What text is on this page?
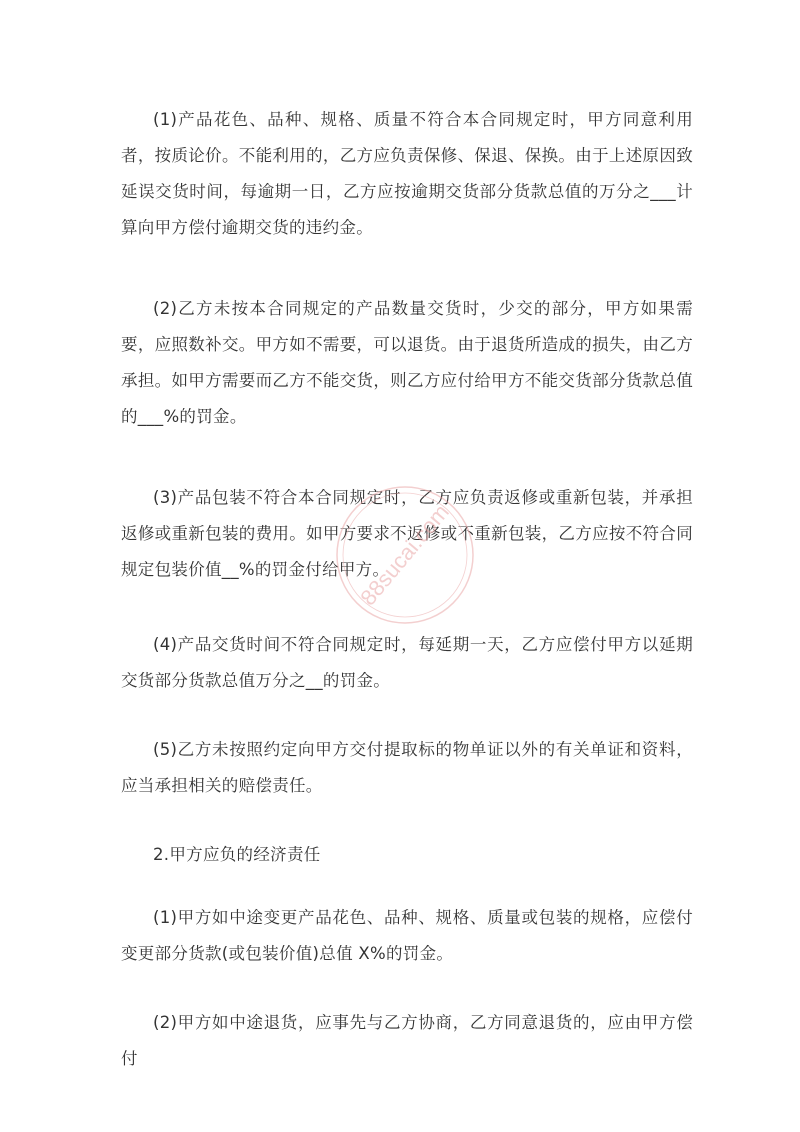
(1)产品花色、品种、规格、质量不符合本合同规定时，甲方同意利用者，按质论价。不能利用的，乙方应负责保修、保退、保换。由于上述原因致延误交货时间，每逾期一日，乙方应按逾期交货部分货款总值的万分之___计算向甲方偿付逾期交货的违约金。

(2)乙方未按本合同规定的产品数量交货时，少交的部分，甲方如果需要，应照数补交。甲方如不需要，可以退货。由于退货所造成的损失，由乙方承担。如甲方需要而乙方不能交货，则乙方应付给甲方不能交货部分货款总值的___%的罚金。

(3)产品包装不符合本合同规定时，乙方应负责返修或重新包装，并承担返修或重新包装的费用。如甲方要求不返修或不重新包装，乙方应按不符合同规定包装价值__%的罚金付给甲方。

(4)产品交货时间不符合同规定时，每延期一天，乙方应偿付甲方以延期交货部分货款总值万分之__的罚金。

(5)乙方未按照约定向甲方交付提取标的物单证以外的有关单证和资料，应当承担相关的赔偿责任。

2.甲方应负的经济责任

(1)甲方如中途变更产品花色、品种、规格、质量或包装的规格，应偿付变更部分货款(或包装价值)总值 X%的罚金。

(2)甲方如中途退货，应事先与乙方协商，乙方同意退货的，应由甲方偿付

88sucai.com
